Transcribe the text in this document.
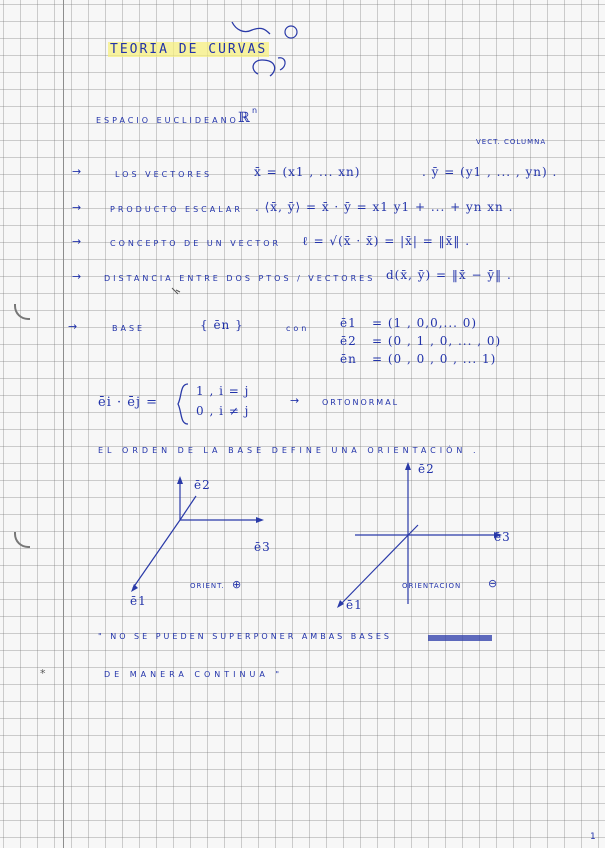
*
TEORIA DE CURVAS
ESPACIO EUCLIDEANO ℝ n
VECT. COLUMNA
→	LOS VECTORES	x̄ = (x1 , ... xn)	. ȳ = (y1 , ... , yn) .
→	PRODUCTO ESCALAR . ⟨x̄, ȳ⟩ = x̄ · ȳ = x1 y1 + ... + yn xn .
→	CONCEPTO DE UN VECTOR ℓ = √(x̄ · x̄) = |x̄| = ‖x̄‖ .
→	DISTANCIA ENTRE DOS PTOS / VECTORES d(x̄, ȳ) = ‖x̄ − ȳ‖ .
→	BASE	{ ēn }	con	ē1 = (1 , 0,0,... 0)
ē2 = (0 , 1 , 0, ... , 0)
ēn = (0 , 0 , 0 , ... 1)
ēi · ēj =
1 , i = j
0 , i ≠ j
→	ORTONORMAL
EL ORDEN DE LA BASE DEFINE UNA ORIENTACIÓN .
ē2
ē3
ē1
ORIENT. ⊕
ē2
ē3
ē1
ORIENTACION ⊖
" NO SE PUEDEN SUPERPONER AMBAS BASES
DE MANERA CONTINUA "
1
